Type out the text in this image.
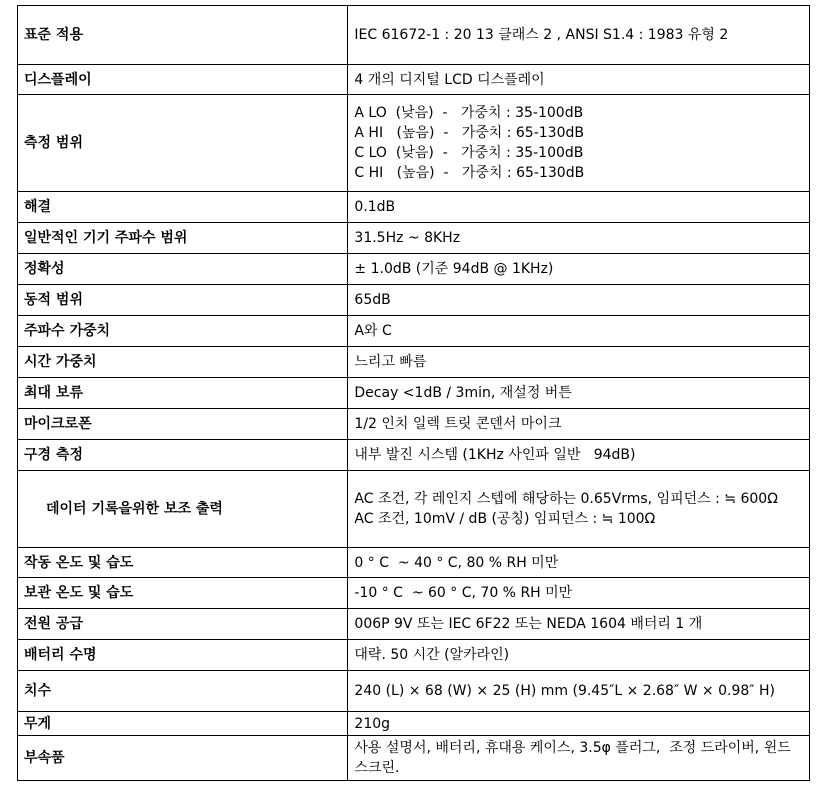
표준 적용	IEC 61672-1 : 20 13 클래스 2 , ANSI S1.4 : 1983 유형 2

디스플레이	4 개의 디지털 LCD 디스플레이

측정 범위	A LO  (낮음)  -   가중치 : 35-100dB
A HI   (높음)  -   가중치 : 65-130dB
C LO  (낮음)  -   가중치 : 35-100dB
C HI   (높음)  -   가중치 : 65-130dB

해결	0.1dB

일반적인 기기 주파수 범위	31.5Hz ~ 8KHz

정확성	± 1.0dB (기준 94dB @ 1KHz)

동적 범위	65dB

주파수 가중치	A와 C

시간 가중치	느리고 빠름

최대 보류	Decay <1dB / 3min, 재설정 버튼

마이크로폰	1/2 인치 일렉 트릿 콘덴서 마이크

구경 측정	내부 발진 시스템 (1KHz 사인파 일반   94dB)

데이터 기록을위한 보조 출력	AC 조건, 각 레인지 스텝에 해당하는 0.65Vrms, 임피던스 : ≒ 600Ω
AC 조건, 10mV / dB (공칭) 임피던스 : ≒ 100Ω

작동 온도 및 습도	0 ° C  ~ 40 ° C, 80 % RH 미만

보관 온도 및 습도	-10 ° C  ~ 60 ° C, 70 % RH 미만

전원 공급	006P 9V 또는 IEC 6F22 또는 NEDA 1604 배터리 1 개

배터리 수명	대략. 50 시간 (알카라인)

치수	240 (L) × 68 (W) × 25 (H) mm (9.45″L × 2.68″ W × 0.98″ H)

무게	210g

부속품	사용 설명서, 배터리, 휴대용 케이스, 3.5φ 플러그,  조정 드라이버, 윈드 스크린.
